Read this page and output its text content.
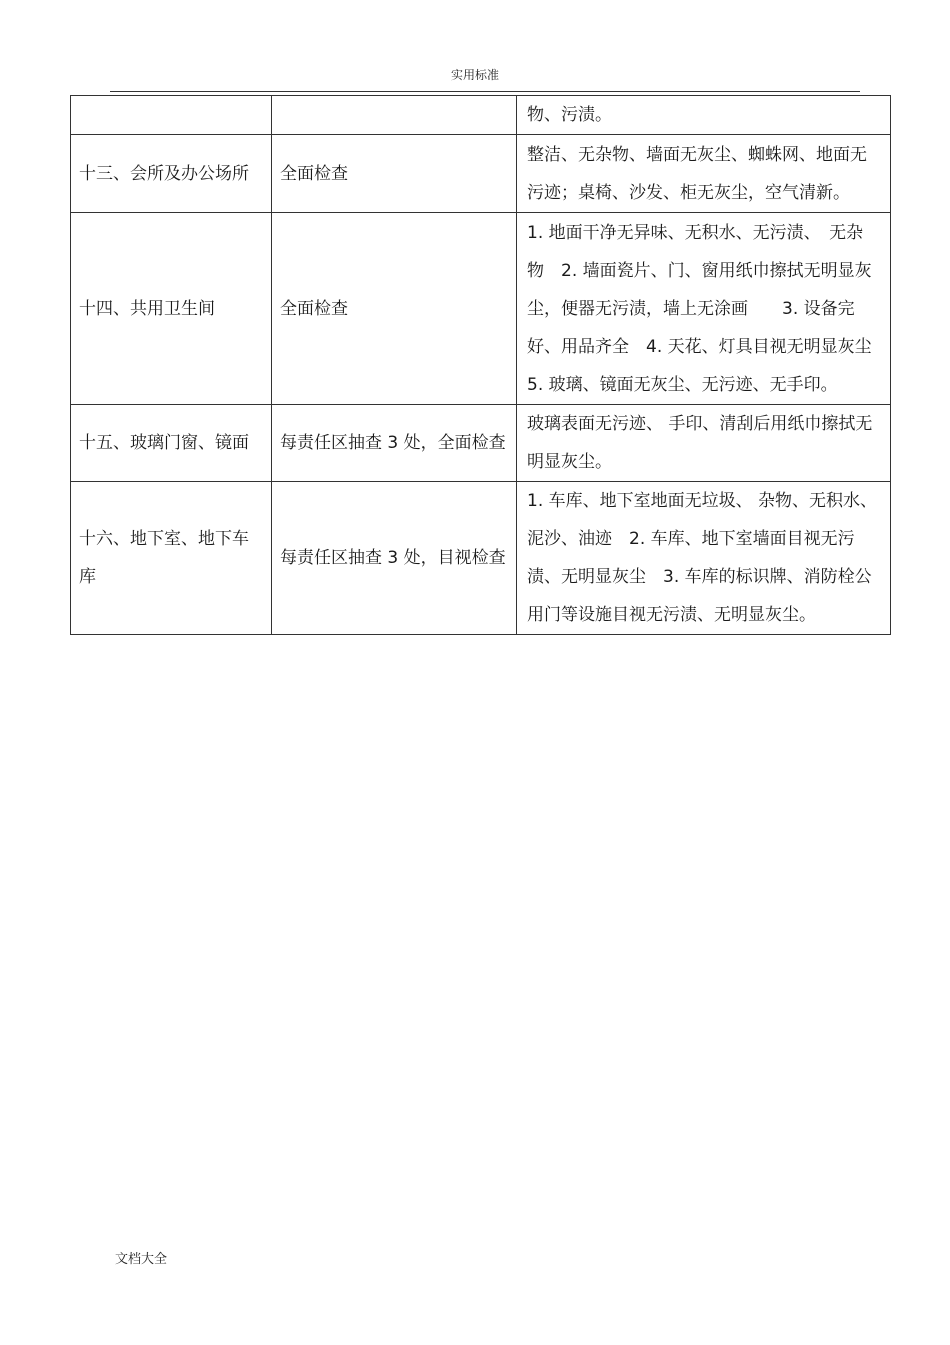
实用标准
		物、污渍。
十三、会所及办公场所	全面检查	整洁、无杂物、墙面无灰尘、蜘蛛网、地面无污迹；桌椅、沙发、柜无灰尘，空气清新。
十四、共用卫生间	全面检查	1. 地面干净无异味、无积水、无污渍、　无杂物　2. 墙面瓷片、门、窗用纸巾擦拭无明显灰尘，便器无污渍，墙上无涂画　　3. 设备完好、用品齐全　4. 天花、灯具目视无明显灰尘 5. 玻璃、镜面无灰尘、无污迹、无手印。
十五、玻璃门窗、镜面	每责任区抽查 3 处，全面检查	玻璃表面无污迹、 手印、清刮后用纸巾擦拭无明显灰尘。
十六、地下室、地下车库	每责任区抽查 3 处，目视检查	1. 车库、地下室地面无垃圾、 杂物、无积水、泥沙、油迹　2. 车库、地下室墙面目视无污渍、无明显灰尘　3. 车库的标识牌、消防栓公用门等设施目视无污渍、无明显灰尘。
文档大全
